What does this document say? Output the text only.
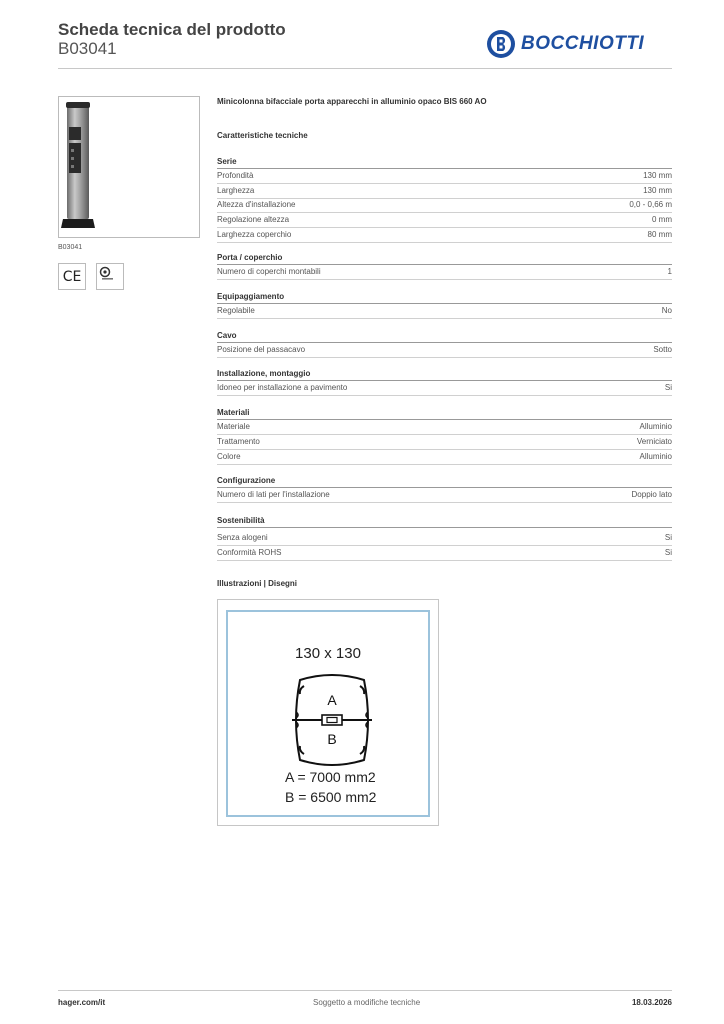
Scheda tecnica del prodotto
B03041	BOCCHIOTTI
B03041
CE
Minicolonna bifacciale porta apparecchi in alluminio opaco BIS 660 AO
Caratteristiche tecniche
Serie
Profondità	130 mm
Larghezza	130 mm
Altezza d'installazione	0,0 - 0,66 m
Regolazione altezza	0 mm
Larghezza coperchio	80 mm
Porta / coperchio
Numero di coperchi montabili	1
Equipaggiamento
Regolabile	No
Cavo
Posizione del passacavo	Sotto
Installazione, montaggio
Idoneo per installazione a pavimento	Si
Materiali
Materiale	Alluminio
Trattamento	Verniciato
Colore	Alluminio
Configurazione
Numero di lati per l'installazione	Doppio lato
Sostenibilità
Senza alogeni	Si
Conformità ROHS	Si
Illustrazioni | Disegni
130 x 130
A
B
A = 7000 mm2
B = 6500 mm2
hager.com/it	Soggetto a modifiche tecniche	18.03.2026
